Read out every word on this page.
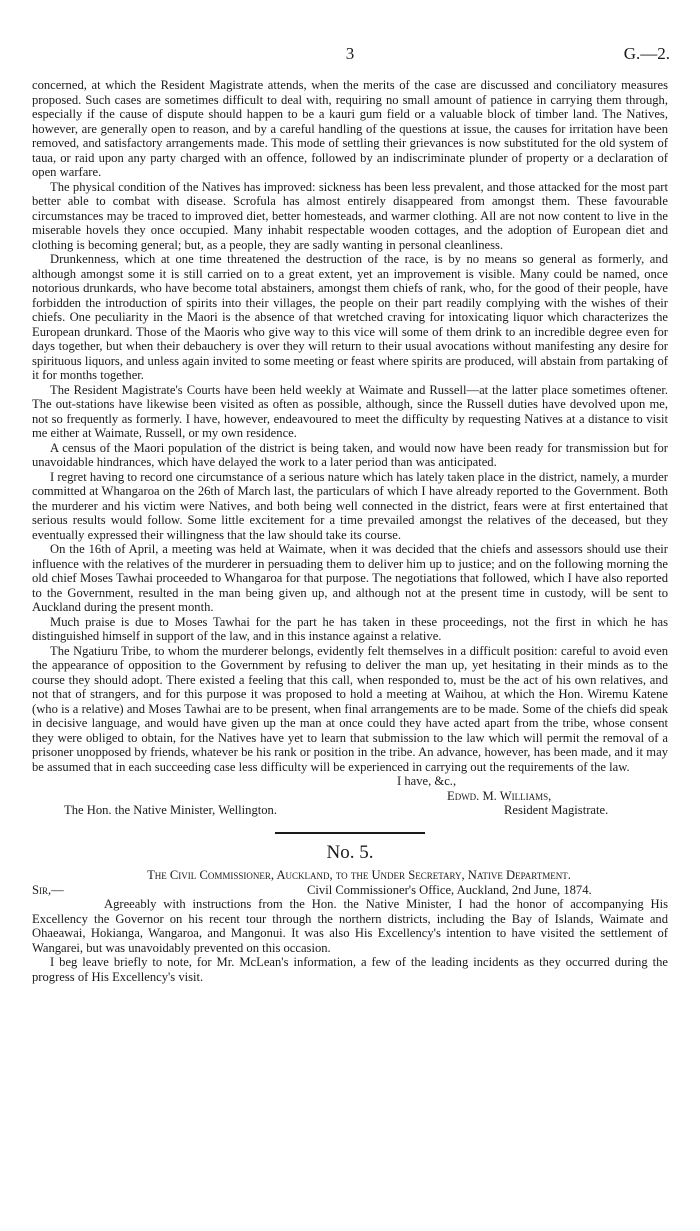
3	G.—2.

concerned, at which the Resident Magistrate attends, when the merits of the case are discussed and conciliatory measures proposed. Such cases are sometimes difficult to deal with, requiring no small amount of patience in carrying them through, especially if the cause of dispute should happen to be a kauri gum field or a valuable block of timber land. The Natives, however, are generally open to reason, and by a careful handling of the questions at issue, the causes for irritation have been removed, and satisfactory arrangements made. This mode of settling their grievances is now substituted for the old system of taua, or raid upon any party charged with an offence, followed by an indiscriminate plunder of property or a declaration of open warfare.

The physical condition of the Natives has improved: sickness has been less prevalent, and those attacked for the most part better able to combat with disease. Scrofula has almost entirely disappeared from amongst them. These favourable circumstances may be traced to improved diet, better homesteads, and warmer clothing. All are not now content to live in the miserable hovels they once occupied. Many inhabit respectable wooden cottages, and the adoption of European diet and clothing is becoming general; but, as a people, they are sadly wanting in personal cleanliness.

Drunkenness, which at one time threatened the destruction of the race, is by no means so general as formerly, and although amongst some it is still carried on to a great extent, yet an improvement is visible. Many could be named, once notorious drunkards, who have become total abstainers, amongst them chiefs of rank, who, for the good of their people, have forbidden the introduction of spirits into their villages, the people on their part readily complying with the wishes of their chiefs. One peculiarity in the Maori is the absence of that wretched craving for intoxicating liquor which characterizes the European drunkard. Those of the Maoris who give way to this vice will some of them drink to an incredible degree even for days together, but when their debauchery is over they will return to their usual avocations without manifesting any desire for spirituous liquors, and unless again invited to some meeting or feast where spirits are produced, will abstain from partaking of it for months together.

The Resident Magistrate's Courts have been held weekly at Waimate and Russell—at the latter place sometimes oftener. The out-stations have likewise been visited as often as possible, although, since the Russell duties have devolved upon me, not so frequently as formerly. I have, however, endeavoured to meet the difficulty by requesting Natives at a distance to visit me either at Waimate, Russell, or my own residence.

A census of the Maori population of the district is being taken, and would now have been ready for transmission but for unavoidable hindrances, which have delayed the work to a later period than was anticipated.

I regret having to record one circumstance of a serious nature which has lately taken place in the district, namely, a murder committed at Whangaroa on the 26th of March last, the particulars of which I have already reported to the Government. Both the murderer and his victim were Natives, and both being well connected in the district, fears were at first entertained that serious results would follow. Some little excitement for a time prevailed amongst the relatives of the deceased, but they eventually expressed their willingness that the law should take its course.

On the 16th of April, a meeting was held at Waimate, when it was decided that the chiefs and assessors should use their influence with the relatives of the murderer in persuading them to deliver him up to justice; and on the following morning the old chief Moses Tawhai proceeded to Whangaroa for that purpose. The negotiations that followed, which I have also reported to the Government, resulted in the man being given up, and although not at the present time in custody, will be sent to Auckland during the present month.

Much praise is due to Moses Tawhai for the part he has taken in these proceedings, not the first in which he has distinguished himself in support of the law, and in this instance against a relative.

The Ngatiuru Tribe, to whom the murderer belongs, evidently felt themselves in a difficult position: careful to avoid even the appearance of opposition to the Government by refusing to deliver the man up, yet hesitating in their minds as to the course they should adopt. There existed a feeling that this call, when responded to, must be the act of his own relatives, and not that of strangers, and for this purpose it was proposed to hold a meeting at Waihou, at which the Hon. Wiremu Katene (who is a relative) and Moses Tawhai are to be present, when final arrangements are to be made. Some of the chiefs did speak in decisive language, and would have given up the man at once could they have acted apart from the tribe, whose consent they were obliged to obtain, for the Natives have yet to learn that submission to the law which will permit the removal of a prisoner unopposed by friends, whatever be his rank or position in the tribe. An advance, however, has been made, and it may be assumed that in each succeeding case less difficulty will be experienced in carrying out the requirements of the law.

I have, &c.,
Edwd. M. Williams,
The Hon. the Native Minister, Wellington.	Resident Magistrate.
No. 5.

The Civil Commissioner, Auckland, to the Under Secretary, Native Department.

Sir,—	Civil Commissioner's Office, Auckland, 2nd June, 1874.

Agreeably with instructions from the Hon. the Native Minister, I had the honor of accompanying His Excellency the Governor on his recent tour through the northern districts, including the Bay of Islands, Waimate and Ohaeawai, Hokianga, Wangaroa, and Mangonui. It was also His Excellency's intention to have visited the settlement of Wangarei, but was unavoidably prevented on this occasion.

I beg leave briefly to note, for Mr. McLean's information, a few of the leading incidents as they occurred during the progress of His Excellency's visit.
